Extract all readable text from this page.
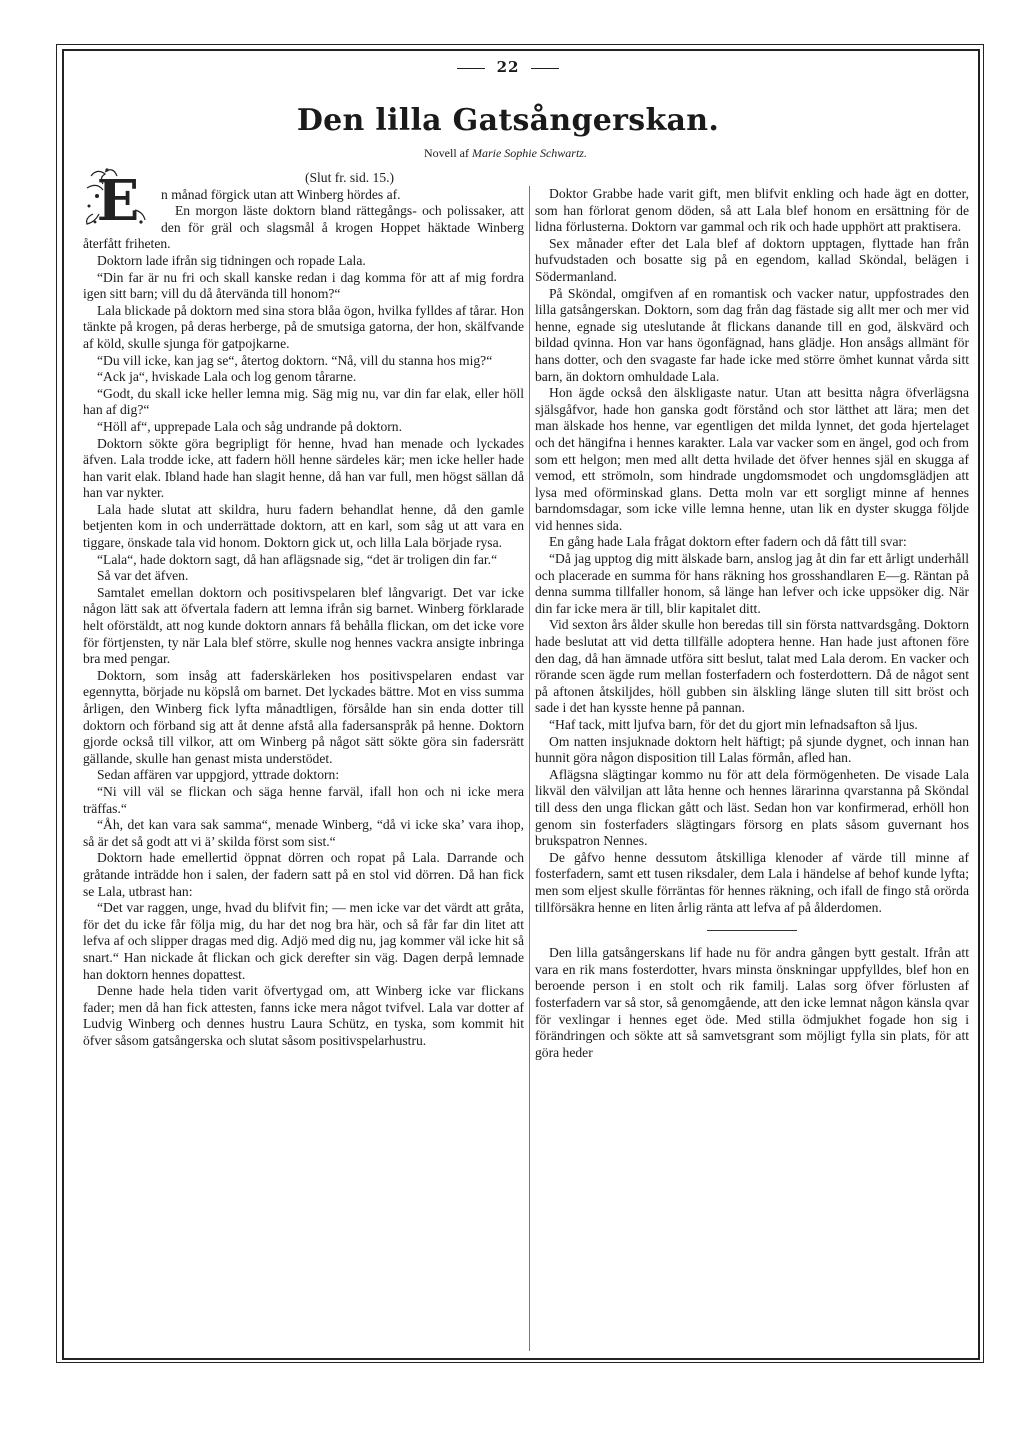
22
Den lilla Gatsångerskan.
Novell af Marie Sophie Schwartz.
E	(Slut fr. sid. 15.)

n månad förgick utan att Winberg hördes af.

En morgon läste doktorn bland rättegångs- och polissaker, att den för gräl och slagsmål å krogen Hoppet häktade Winberg återfått friheten.

Doktorn lade ifrån sig tidningen och ropade Lala.

“Din far är nu fri och skall kanske redan i dag komma för att af mig fordra igen sitt barn; vill du då återvända till honom?“

Lala blickade på doktorn med sina stora blåa ögon, hvilka fylldes af tårar. Hon tänkte på krogen, på deras herberge, på de smutsiga gatorna, der hon, skälfvande af köld, skulle sjunga för gatpojkarne.

“Du vill icke, kan jag se“, återtog doktorn. “Nå, vill du stanna hos mig?“

“Ack ja“, hviskade Lala och log genom tårarne.

“Godt, du skall icke heller lemna mig. Säg mig nu, var din far elak, eller höll han af dig?“

“Höll af“, upprepade Lala och såg undrande på doktorn.

Doktorn sökte göra begripligt för henne, hvad han menade och lyckades äfven. Lala trodde icke, att fadern höll henne särdeles kär; men icke heller hade han varit elak. Ibland hade han slagit henne, då han var full, men högst sällan då han var nykter.

Lala hade slutat att skildra, huru fadern behandlat henne, då den gamle betjenten kom in och underrättade doktorn, att en karl, som såg ut att vara en tiggare, önskade tala vid honom. Doktorn gick ut, och lilla Lala började rysa.

“Lala“, hade doktorn sagt, då han aflägsnade sig, “det är troligen din far.“

Så var det äfven.

Samtalet emellan doktorn och positivspelaren blef långvarigt. Det var icke någon lätt sak att öfvertala fadern att lemna ifrån sig barnet. Winberg förklarade helt oförstäldt, att nog kunde doktorn annars få behålla flickan, om det icke vore för förtjensten, ty när Lala blef större, skulle nog hennes vackra ansigte inbringa bra med pengar.

Doktorn, som insåg att faderskärleken hos positivspelaren endast var egennytta, började nu köpslå om barnet. Det lyckades bättre. Mot en viss summa årligen, den Winberg fick lyfta månadtligen, försålde han sin enda dotter till doktorn och förband sig att åt denne afstå alla fadersanspråk på henne. Doktorn gjorde också till vilkor, att om Winberg på något sätt sökte göra sin fadersrätt gällande, skulle han genast mista understödet.

Sedan affären var uppgjord, yttrade doktorn:

“Ni vill väl se flickan och säga henne farväl, ifall hon och ni icke mera träffas.“

“Åh, det kan vara sak samma“, menade Winberg, “då vi icke ska’ vara ihop, så är det så godt att vi ä’ skilda först som sist.“

Doktorn hade emellertid öppnat dörren och ropat på Lala. Darrande och gråtande inträdde hon i salen, der fadern satt på en stol vid dörren. Då han fick se Lala, utbrast han:

“Det var raggen, unge, hvad du blifvit fin; — men icke var det värdt att gråta, för det du icke får följa mig, du har det nog bra här, och så får far din litet att lefva af och slipper dragas med dig. Adjö med dig nu, jag kommer väl icke hit så snart.“ Han nickade åt flickan och gick derefter sin väg. Dagen derpå lemnade han doktorn hennes dopattest.

Denne hade hela tiden varit öfvertygad om, att Winberg icke var flickans fader; men då han fick attesten, fanns icke mera något tvifvel. Lala var dotter af Ludvig Winberg och dennes hustru Laura Schütz, en tyska, som kommit hit öfver såsom gatsångerska och slutat såsom positivspelarhustru.

Doktor Grabbe hade varit gift, men blifvit enkling och hade ägt en dotter, som han förlorat genom döden, så att Lala blef honom en ersättning för de lidna förlusterna. Doktorn var gammal och rik och hade upphört att praktisera.

Sex månader efter det Lala blef af doktorn upptagen, flyttade han från hufvudstaden och bosatte sig på en egendom, kallad Sköndal, belägen i Södermanland.

På Sköndal, omgifven af en romantisk och vacker natur, uppfostrades den lilla gatsångerskan. Doktorn, som dag från dag fästade sig allt mer och mer vid henne, egnade sig uteslutande åt flickans danande till en god, älskvärd och bildad qvinna. Hon var hans ögonfägnad, hans glädje. Hon ansågs allmänt för hans dotter, och den svagaste far hade icke med större ömhet kunnat vårda sitt barn, än doktorn omhuldade Lala.

Hon ägde också den älskligaste natur. Utan att besitta några öfverlägsna själsgåfvor, hade hon ganska godt förstånd och stor lätthet att lära; men det man älskade hos henne, var egentligen det milda lynnet, det goda hjertelaget och det hängifna i hennes karakter. Lala var vacker som en ängel, god och from som ett helgon; men med allt detta hvilade det öfver hennes själ en skugga af vemod, ett strömoln, som hindrade ungdomsmodet och ungdomsglädjen att lysa med oförminskad glans. Detta moln var ett sorgligt minne af hennes barndomsdagar, som icke ville lemna henne, utan lik en dyster skugga följde vid hennes sida.

En gång hade Lala frågat doktorn efter fadern och då fått till svar:

“Då jag upptog dig mitt älskade barn, anslog jag åt din far ett årligt underhåll och placerade en summa för hans räkning hos grosshandlaren E—g. Räntan på denna summa tillfaller honom, så länge han lefver och icke uppsöker dig. När din far icke mera är till, blir kapitalet ditt.

Vid sexton års ålder skulle hon beredas till sin första nattvardsgång. Doktorn hade beslutat att vid detta tillfälle adoptera henne. Han hade just aftonen före den dag, då han ämnade utföra sitt beslut, talat med Lala derom. En vacker och rörande scen ägde rum mellan fosterfadern och fosterdottern. Då de något sent på aftonen åtskiljdes, höll gubben sin älskling länge sluten till sitt bröst och sade i det han kysste henne på pannan.

“Haf tack, mitt ljufva barn, för det du gjort min lefnadsafton så ljus.

Om natten insjuknade doktorn helt häftigt; på sjunde dygnet, och innan han hunnit göra någon disposition till Lalas förmån, afled han.

Aflägsna slägtingar kommo nu för att dela förmögenheten. De visade Lala likväl den välviljan att låta henne och hennes lärarinna qvarstanna på Sköndal till dess den unga flickan gått och läst. Sedan hon var konfirmerad, erhöll hon genom sin fosterfaders slägtingars försorg en plats såsom guvernant hos brukspatron Nennes.

De gåfvo henne dessutom åtskilliga klenoder af värde till minne af fosterfadern, samt ett tusen riksdaler, dem Lala i händelse af behof kunde lyfta; men som eljest skulle förräntas för hennes räkning, och ifall de fingo stå orörda tillförsäkra henne en liten årlig ränta att lefva af på ålderdomen.

Den lilla gatsångerskans lif hade nu för andra gången bytt gestalt. Ifrån att vara en rik mans fosterdotter, hvars minsta önskningar uppfylldes, blef hon en beroende person i en stolt och rik familj. Lalas sorg öfver förlusten af fosterfadern var så stor, så genomgående, att den icke lemnat någon känsla qvar för vexlingar i hennes eget öde. Med stilla ödmjukhet fogade hon sig i förändringen och sökte att så samvetsgrant som möjligt fylla sin plats, för att göra heder
